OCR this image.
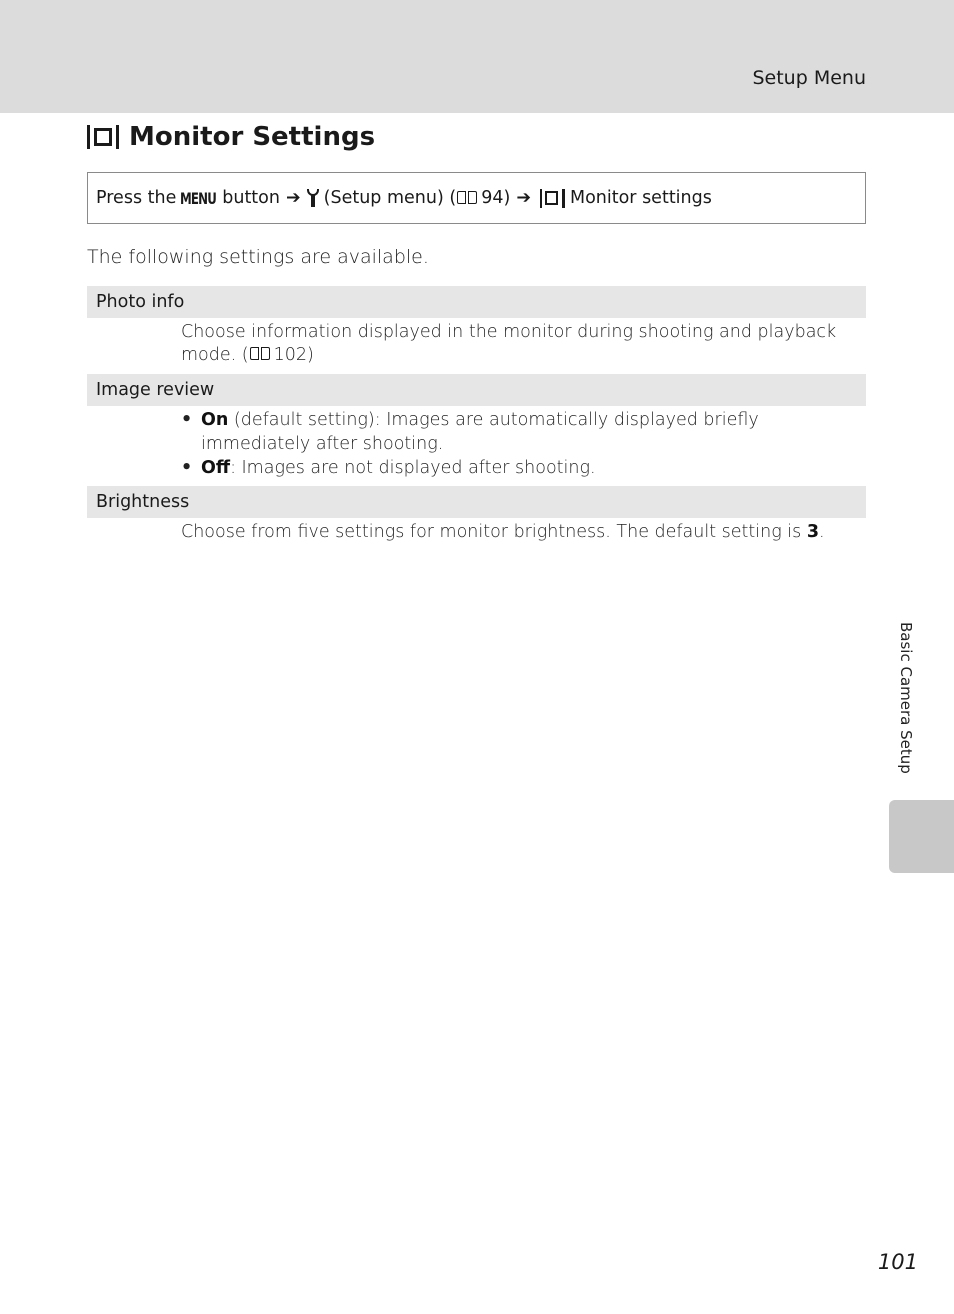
Setup Menu
Monitor Settings
Press the MENU button ➔ (Setup menu) ( 94) ➔ Monitor settings

The following settings are available.

Photo info
Choose information displayed in the monitor during shooting and playback mode. ( 102)
Image review
• On (default setting): Images are automatically displayed briefly immediately after shooting.
• Off: Images are not displayed after shooting.
Brightness
Choose from five settings for monitor brightness. The default setting is 3.
Basic Camera Setup
101
